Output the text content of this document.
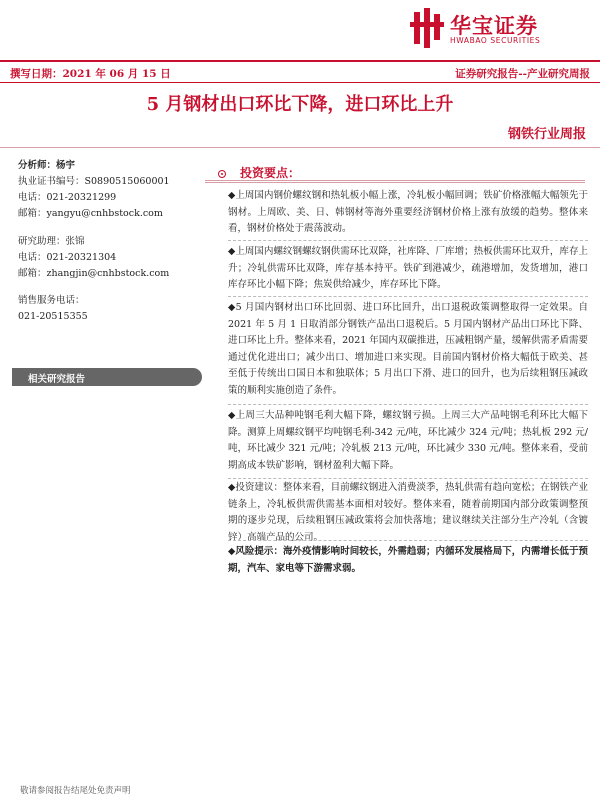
华宝证券
HWABAO SECURITIES
撰写日期：2021 年 06 月 15 日	证券研究报告--产业研究周报
5 月钢材出口环比下降，进口环比上升
钢铁行业周报
分析师：杨宇
执业证书编号：S0890515060001
电话：021-20321299
邮箱：yangyu@cnhbstock.com
研究助理：张锦
电话：021-20321304
邮箱：zhangjin@cnhbstock.com
销售服务电话：
021-20515355
相关研究报告
投资要点：
◆上周国内钢价螺纹钢和热轧板小幅上涨，冷轧板小幅回调；铁矿价格涨幅大幅领先于钢材。上周欧、美、日、韩钢材等海外重要经济钢材价格上涨有放缓的趋势。整体来看，钢材价格处于震荡波动。
◆上周国内螺纹钢螺纹钢供需环比双降，社库降、厂库增；热板供需环比双升，库存上升；冷轧供需环比双降，库存基本持平。铁矿到港减少，疏港增加，发货增加，港口库存环比小幅下降；焦炭供给减少，库存环比下降。
◆5 月国内钢材出口环比回弱、进口环比回升，出口退税政策调整取得一定效果。自 2021 年 5 月 1 日取消部分钢铁产品出口退税后。5 月国内钢材产品出口环比下降、进口环比上升。整体来看，2021 年国内双碳推进，压减粗钢产量，缓解供需矛盾需要通过优化进出口；减少出口、增加进口来实现。目前国内钢材价格大幅低于欧美、甚至低于传统出口国日本和独联体；5 月出口下滑、进口的回升，也为后续粗钢压减政策的顺利实施创造了条件。
◆上周三大品种吨钢毛利大幅下降，螺纹钢亏损。上周三大产品吨钢毛利环比大幅下降。测算上周螺纹钢平均吨钢毛利-342 元/吨，环比减少 324 元/吨；热轧板 292 元/吨，环比减少 321 元/吨；冷轧板 213 元/吨，环比减少 330 元/吨。整体来看，受前期高成本铁矿影响，钢材盈利大幅下降。
◆投资建议：整体来看，目前螺纹钢进入消费淡季，热轧供需有趋向宽松；在钢铁产业链条上，冷轧板供需供需基本面相对较好。整体来看，随着前期国内部分政策调整预期的逐步兑现，后续粗钢压减政策将会加快落地；建议继续关注部分生产冷轧（含镀锌）高端产品的公司。
◆风险提示：海外疫情影响时间较长，外需趋弱；内循环发展格局下，内需增长低于预期，汽车、家电等下游需求弱。
敬请参阅报告结尾处免责声明
